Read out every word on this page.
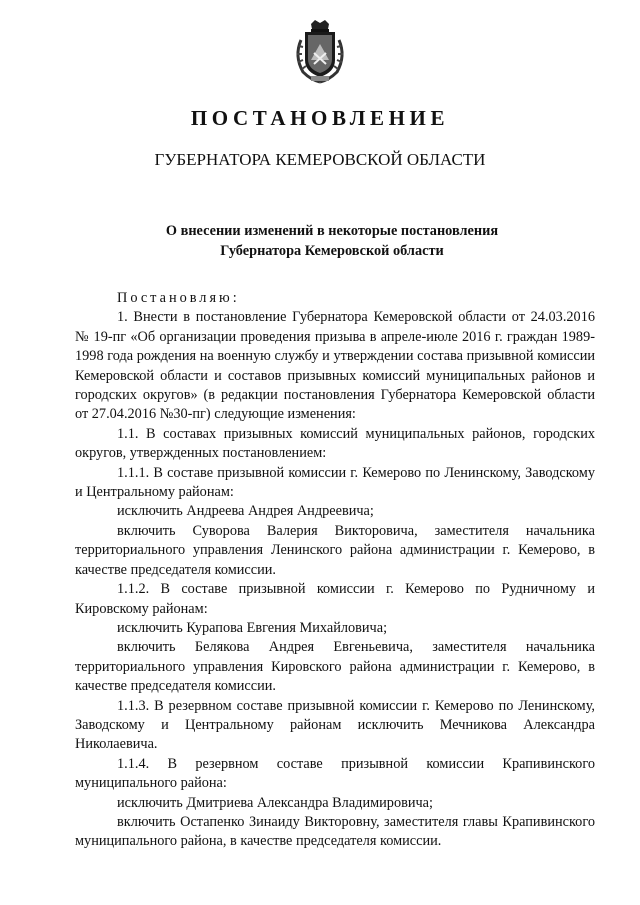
ПОСТАНОВЛЕНИЕ
ГУБЕРНАТОРА КЕМЕРОВСКОЙ ОБЛАСТИ
О внесении изменений в некоторые постановления
Губернатора Кемеровской области

Постановляю:

1. Внести в постановление Губернатора Кемеровской области от 24.03.2016 № 19-пг «Об организации проведения призыва в апреле-июле 2016 г. граждан 1989-1998 года рождения на военную службу и утверждении состава призывной комиссии Кемеровской области и составов призывных комиссий муниципальных районов и городских округов» (в редакции постановления Губернатора Кемеровской области от 27.04.2016 №30-пг) следующие изменения:

1.1. В составах призывных комиссий муниципальных районов, городских округов, утвержденных постановлением:

1.1.1. В составе призывной комиссии г. Кемерово по Ленинскому, Заводскому и Центральному районам:

исключить Андреева Андрея Андреевича;

включить Суворова Валерия Викторовича, заместителя начальника территориального управления Ленинского района администрации г. Кемерово, в качестве председателя комиссии.

1.1.2. В составе призывной комиссии г. Кемерово по Рудничному и Кировскому районам:

исключить Курапова Евгения Михайловича;

включить Белякова Андрея Евгеньевича, заместителя начальника территориального управления Кировского района администрации г. Кемерово, в качестве председателя комиссии.

1.1.3. В резервном составе призывной комиссии г. Кемерово по Ленинскому, Заводскому и Центральному районам исключить Мечникова Александра Николаевича.

1.1.4. В резервном составе призывной комиссии Крапивинского муниципального района:

исключить Дмитриева Александра Владимировича;

включить Остапенко Зинаиду Викторовну, заместителя главы Крапивинского муниципального района, в качестве председателя комиссии.
